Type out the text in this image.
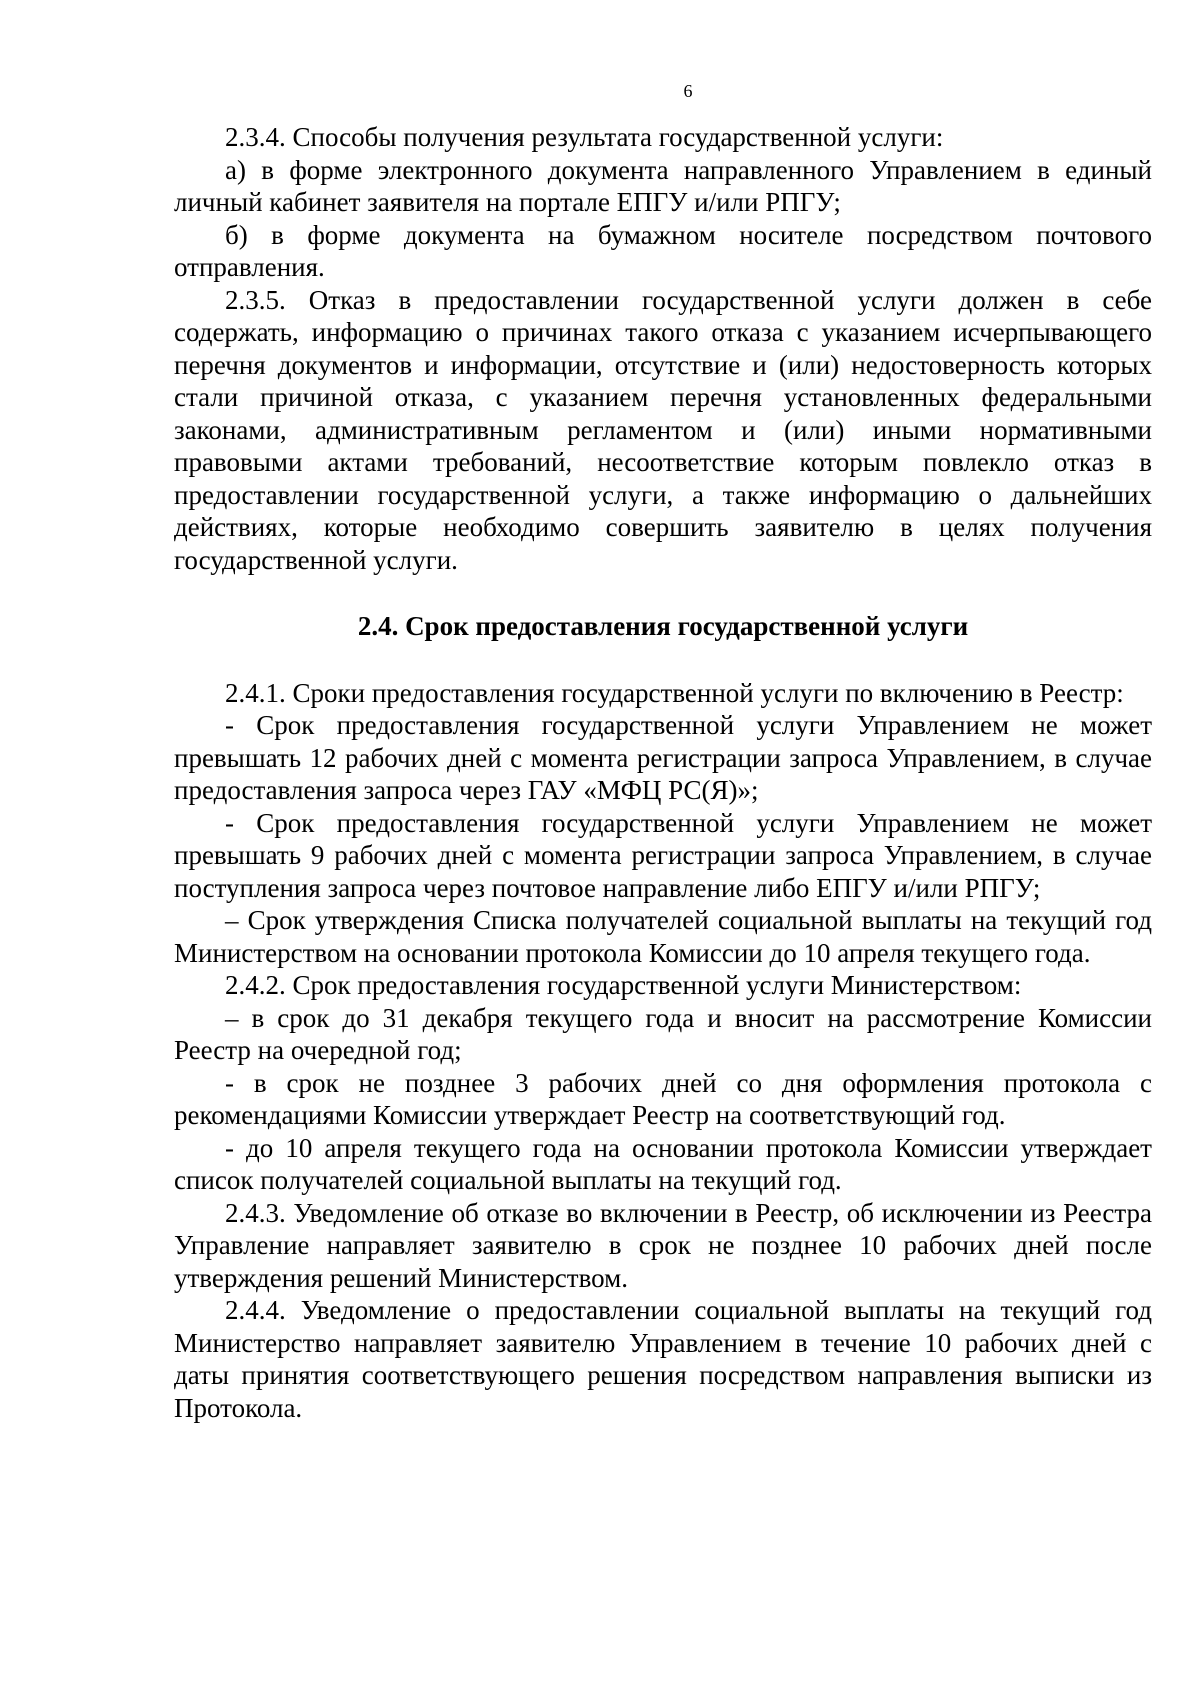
6

2.3.4. Способы получения результата государственной услуги:

а) в форме электронного документа направленного Управлением в единый личный кабинет заявителя на портале ЕПГУ и/или РПГУ;

б) в форме документа на бумажном носителе посредством почтового отправления.

2.3.5. Отказ в предоставлении государственной услуги должен в себе содержать, информацию о причинах такого отказа с указанием исчерпывающего перечня документов и информации, отсутствие и (или) недостоверность которых стали причиной отказа, с указанием перечня установленных федеральными законами, административным регламентом и (или) иными нормативными правовыми актами требований, несоответствие которым повлекло отказ в предоставлении государственной услуги, а также информацию о дальнейших действиях, которые необходимо совершить заявителю в целях получения государственной услуги.

2.4. Срок предоставления государственной услуги

2.4.1. Сроки предоставления государственной услуги по включению в Реестр:

- Срок предоставления государственной услуги Управлением не может превышать 12 рабочих дней с момента регистрации запроса Управлением, в случае предоставления запроса через ГАУ «МФЦ РС(Я)»;

- Срок предоставления государственной услуги Управлением не может превышать 9 рабочих дней с момента регистрации запроса Управлением, в случае поступления запроса через почтовое направление либо ЕПГУ и/или РПГУ;

– Срок утверждения Списка получателей социальной выплаты на текущий год Министерством на основании протокола Комиссии до 10 апреля текущего года.

2.4.2. Срок предоставления государственной услуги Министерством:

– в срок до 31 декабря текущего года и вносит на рассмотрение Комиссии Реестр на очередной год;

- в срок не позднее 3 рабочих дней со дня оформления протокола с рекомендациями Комиссии утверждает Реестр на соответствующий год.

- до 10 апреля текущего года на основании протокола Комиссии утверждает список получателей социальной выплаты на текущий год.

2.4.3. Уведомление об отказе во включении в Реестр, об исключении из Реестра Управление направляет заявителю в срок не позднее 10 рабочих дней после утверждения решений Министерством.

2.4.4. Уведомление о предоставлении социальной выплаты на текущий год Министерство направляет заявителю Управлением в течение 10 рабочих дней с даты принятия соответствующего решения посредством направления выписки из Протокола.
